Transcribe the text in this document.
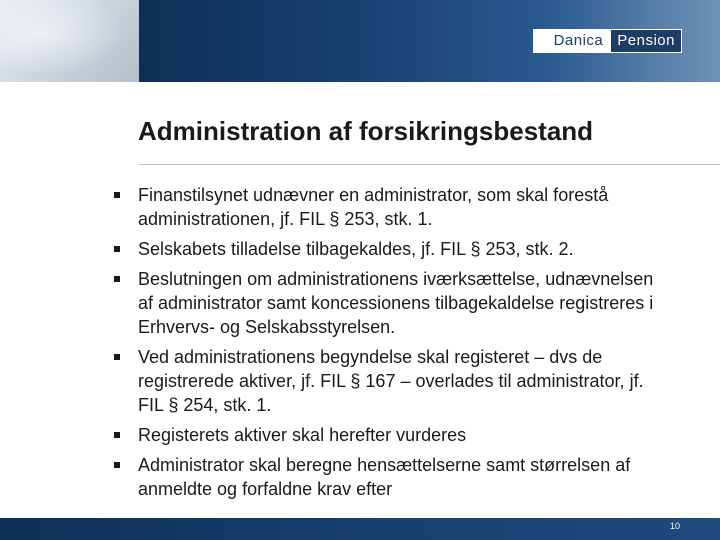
Danica Pension
Administration af forsikringsbestand
Finanstilsynet udnævner en administrator, som skal forestå administrationen, jf. FIL § 253, stk. 1.
Selskabets tilladelse tilbagekaldes, jf. FIL § 253, stk. 2.
Beslutningen om administrationens iværksættelse, udnævnelsen af administrator samt koncessionens tilbagekaldelse registreres i Erhvervs- og Selskabsstyrelsen.
Ved administrationens begyndelse skal registeret – dvs de registrerede aktiver, jf. FIL § 167 – overlades til administrator, jf. FIL § 254, stk. 1.
Registerets aktiver skal herefter vurderes
Administrator skal beregne hensættelserne samt størrelsen af anmeldte og forfaldne krav efter
10
